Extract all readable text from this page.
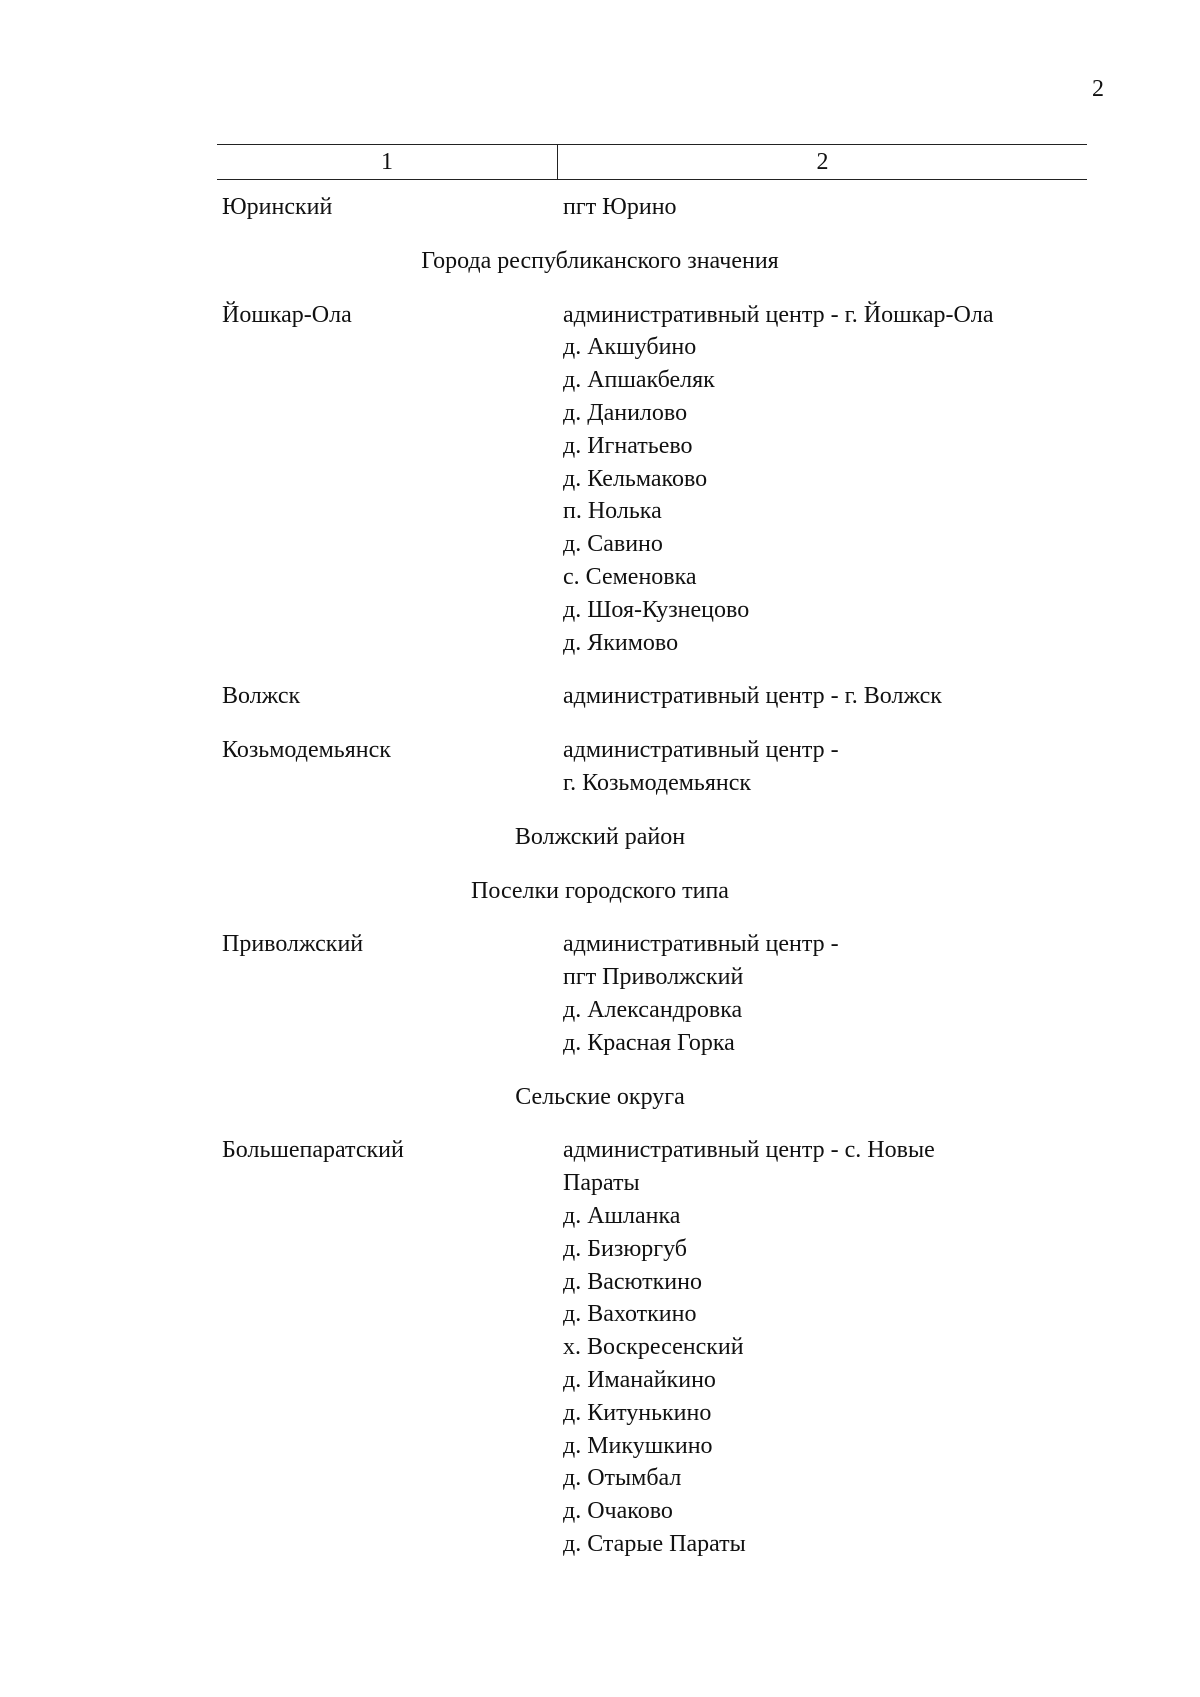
2
1	2
Юринский	пгт Юрино
Города республиканского значения
Йошкар-Ола	административный центр - г. Йошкар-Ола
д. Акшубино
д. Апшакбеляк
д. Данилово
д. Игнатьево
д. Кельмаково
п. Нолька
д. Савино
с. Семеновка
д. Шоя-Кузнецово
д. Якимово
Волжск	административный центр - г. Волжск
Козьмодемьянск	административный центр -
г. Козьмодемьянск
Волжский район
Поселки городского типа
Приволжский	административный центр -
пгт Приволжский
д. Александровка
д. Красная Горка
Сельские округа
Большепаратский	административный центр - с. Новые
Параты
д. Ашланка
д. Бизюргуб
д. Васюткино
д. Вахоткино
х. Воскресенский
д. Иманайкино
д. Китунькино
д. Микушкино
д. Отымбал
д. Очаково
д. Старые Параты
